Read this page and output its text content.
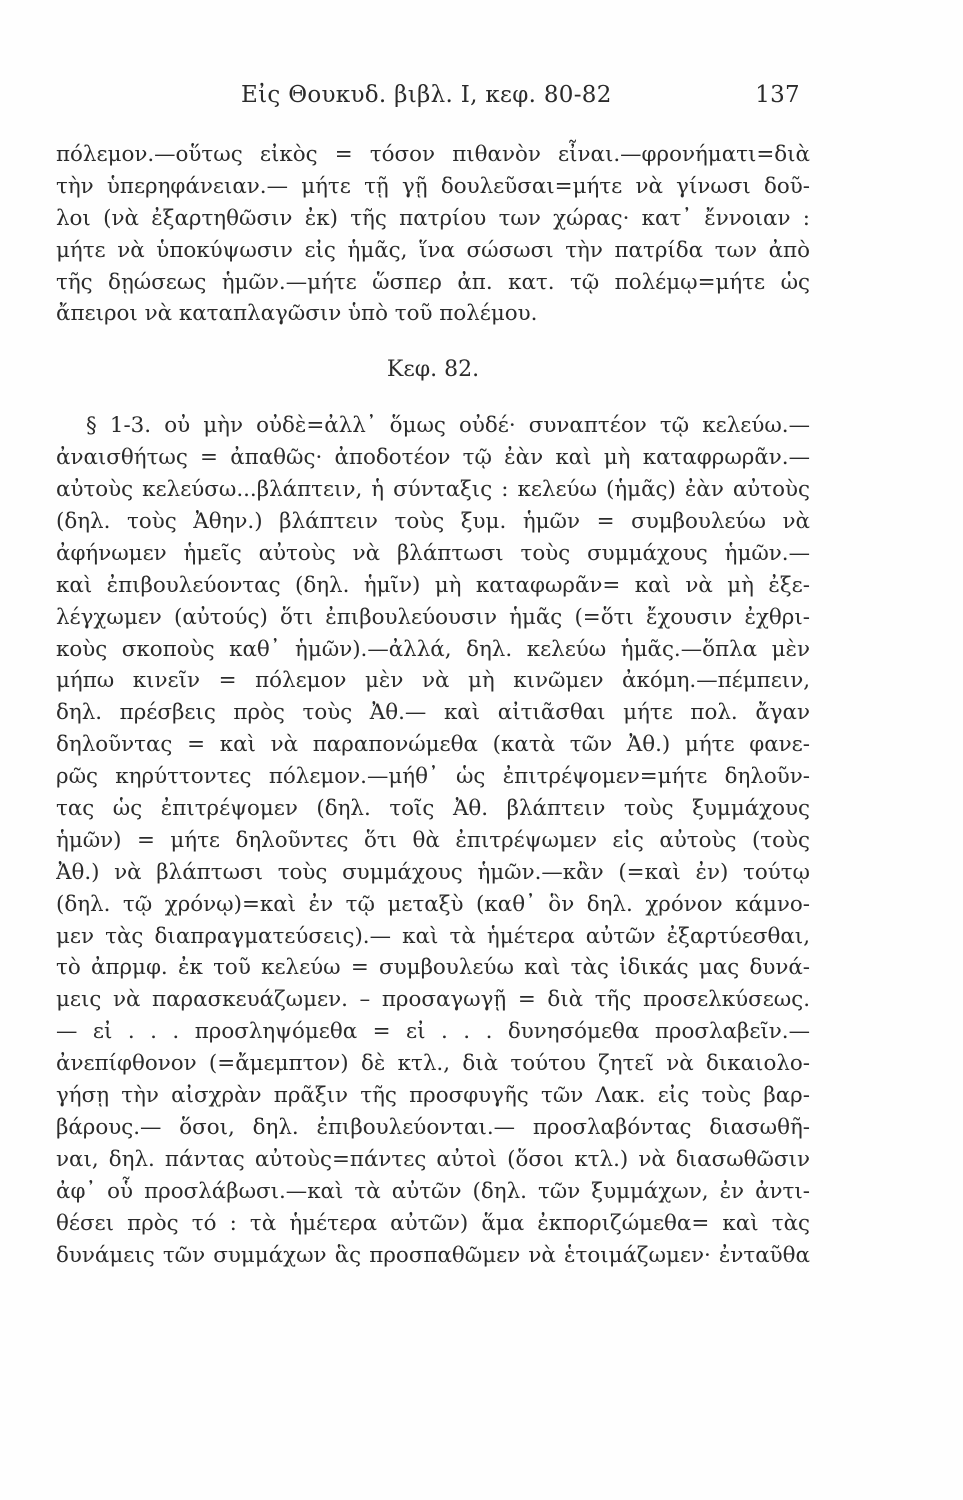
Εἰς Θουκυδ. βιβλ. Ι, κεφ. 80-82	137
πόλεμον.—οὕτως εἰκὸς = τόσον πιθανὸν εἶναι.—φρονήματι=διὰ
τὴν ὑπερηφάνειαν.— μήτε τῇ γῇ δουλεῦσαι=μήτε νὰ γίνωσι δοῦ-
λοι (νὰ ἐξαρτηθῶσιν ἐκ) τῆς πατρίου των χώρας· κατ᾽ ἔννοιαν :
μήτε νὰ ὑποκύψωσιν εἰς ἡμᾶς, ἵνα σώσωσι τὴν πατρίδα των ἀπὸ
τῆς δῃώσεως ἡμῶν.—μήτε ὥσπερ ἀπ. κατ. τῷ πολέμῳ=μήτε ὡς
ἄπειροι νὰ καταπλαγῶσιν ὑπὸ τοῦ πολέμου.
Κεφ. 82.
§ 1-3. οὐ μὴν οὐδὲ=ἀλλ᾽ ὅμως οὐδέ· συναπτέον τῷ κελεύω.—
ἀναισθήτως = ἀπαθῶς· ἀποδοτέον τῷ ἐὰν καὶ μὴ καταφρωρᾶν.—
αὐτοὺς κελεύσω...βλάπτειν, ἡ σύνταξις : κελεύω (ἡμᾶς) ἐὰν αὐτοὺς
(δηλ. τοὺς Ἀθην.) βλάπτειν τοὺς ξυμ. ἡμῶν = συμβουλεύω νὰ
ἀφήνωμεν ἡμεῖς αὐτοὺς νὰ βλάπτωσι τοὺς συμμάχους ἡμῶν.—
καὶ ἐπιβουλεύοντας (δηλ. ἡμῖν) μὴ καταφωρᾶν= καὶ νὰ μὴ ἐξε-
λέγχωμεν (αὐτούς) ὅτι ἐπιβουλεύουσιν ἡμᾶς (=ὅτι ἔχουσιν ἐχθρι-
κοὺς σκοποὺς καθ᾽ ἡμῶν).—ἀλλά, δηλ. κελεύω ἡμᾶς.—ὅπλα μὲν
μήπω κινεῖν = πόλεμον μὲν νὰ μὴ κινῶμεν ἀκόμη.—πέμπειν,
δηλ. πρέσβεις πρὸς τοὺς Ἀθ.— καὶ αἰτιᾶσθαι μήτε πολ. ἄγαν
δηλοῦντας = καὶ νὰ παραπονώμεθα (κατὰ τῶν Ἀθ.) μήτε φανε-
ρῶς κηρύττοντες πόλεμον.—μήθ᾽ ὡς ἐπιτρέψομεν=μήτε δηλοῦν-
τας ὡς ἐπιτρέψομεν (δηλ. τοῖς Ἀθ. βλάπτειν τοὺς ξυμμάχους
ἡμῶν) = μήτε δηλοῦντες ὅτι θὰ ἐπιτρέψωμεν εἰς αὐτοὺς (τοὺς
Ἀθ.) νὰ βλάπτωσι τοὺς συμμάχους ἡμῶν.—κἂν (=καὶ ἐν) τούτῳ
(δηλ. τῷ χρόνῳ)=καὶ ἐν τῷ μεταξὺ (καθ᾽ ὃν δηλ. χρόνον κάμνο-
μεν τὰς διαπραγματεύσεις).— καὶ τὰ ἡμέτερα αὐτῶν ἐξαρτύεσθαι,
τὸ ἀπρμφ. ἐκ τοῦ κελεύω = συμβουλεύω καὶ τὰς ἰδικάς μας δυνά-
μεις νὰ παρασκευάζωμεν. – προσαγωγῇ = διὰ τῆς προσελκύσεως.
— εἰ . . . προσληψόμεθα = εἰ . . . δυνησόμεθα προσλαβεῖν.—
ἀνεπίφθονον (=ἄμεμπτον) δὲ κτλ., διὰ τούτου ζητεῖ νὰ δικαιολο-
γήσῃ τὴν αἰσχρὰν πρᾶξιν τῆς προσφυγῆς τῶν Λακ. εἰς τοὺς βαρ-
βάρους.— ὅσοι, δηλ. ἐπιβουλεύονται.— προσλαβόντας διασωθῆ-
ναι, δηλ. πάντας αὐτοὺς=πάντες αὐτοὶ (ὅσοι κτλ.) νὰ διασωθῶσιν
ἀφ᾽ οὗ προσλάβωσι.—καὶ τὰ αὐτῶν (δηλ. τῶν ξυμμάχων, ἐν ἀντι-
θέσει πρὸς τό : τὰ ἡμέτερα αὐτῶν) ἅμα ἐκποριζώμεθα= καὶ τὰς
δυνάμεις τῶν συμμάχων ἃς προσπαθῶμεν νὰ ἑτοιμάζωμεν· ἐνταῦθα
